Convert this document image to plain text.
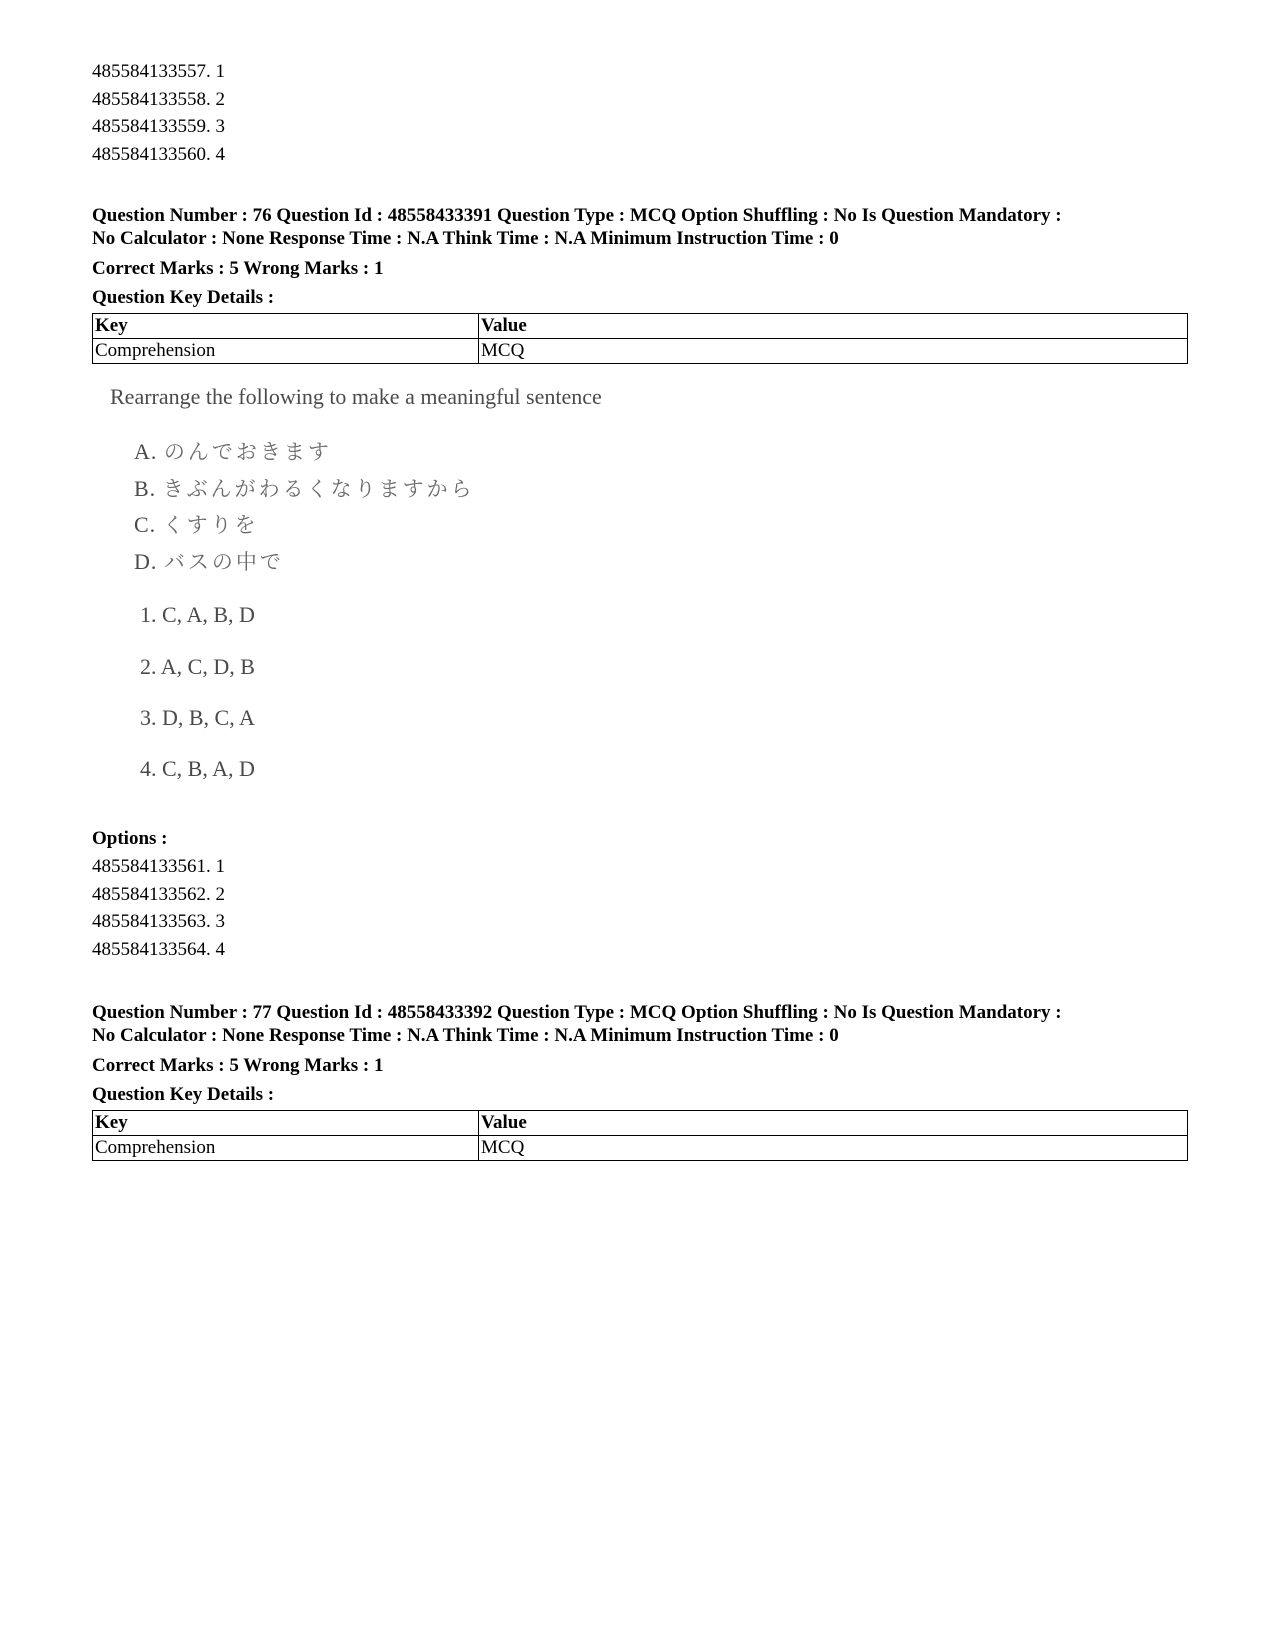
485584133557. 1
485584133558. 2
485584133559. 3
485584133560. 4
Question Number : 76 Question Id : 48558433391 Question Type : MCQ Option Shuffling : No Is Question Mandatory :
No Calculator : None Response Time : N.A Think Time : N.A Minimum Instruction Time : 0
Correct Marks : 5 Wrong Marks : 1
Question Key Details :
Key	Value
Comprehension	MCQ
Rearrange the following to make a meaningful sentence
A. のんでおきます
B. きぶんがわるくなりますから
C. くすりを
D. バスの中で
1. C, A, B, D
2. A, C, D, B
3. D, B, C, A
4. C, B, A, D
Options :
485584133561. 1
485584133562. 2
485584133563. 3
485584133564. 4
Question Number : 77 Question Id : 48558433392 Question Type : MCQ Option Shuffling : No Is Question Mandatory :
No Calculator : None Response Time : N.A Think Time : N.A Minimum Instruction Time : 0
Correct Marks : 5 Wrong Marks : 1
Question Key Details :
Key	Value
Comprehension	MCQ
